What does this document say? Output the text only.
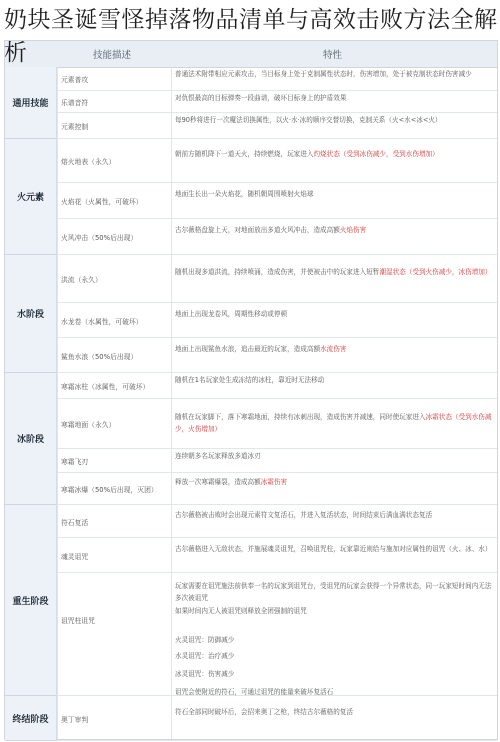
奶块圣诞雪怪掉落物品清单与高效击败方法全解析	技能描述	特性
通用技能
火元素
水阶段
冰阶段
重生阶段
终结阶段
元素普攻
普通法术附带相应元素攻击，当目标身上处于克制属性状态时，伤害增加，处于被克制状态时伤害减少
乐谱音符
对仇恨最高的目标弹奏一段曲谱，破坏目标身上的护盾效果
元素控制
每90秒将进行一次魔法切换属性，以火·水·冰的顺序交替切换，克制关系（火<水<冰<火）
熔火地表（永久）
朝前方随机降下一道天火，持续燃烧，玩家进入灼烧状态（受到冰伤减少，受到水伤增加）
火焰花（火属性，可破坏）
地面生长出一朵火焰花，随机朝周围喷射火焰球
火风冲击（50%后出现）
古尔薇格盘旋上天，对地面放出多道火风冲击，造成高额火焰伤害
洪流（永久）
随机出现多道洪流，持续喷涌，造成伤害，并使被击中的玩家进入短暂潮湿状态（受到火伤减少，冰伤增加）
水龙卷（水属性，可破坏）
地面上出现龙卷风，周期性移动或停顿
鲨鱼水浪（50%后出现）
地面上出现鲨鱼水浪，追击最近的玩家，造成高额水流伤害
寒霜冰柱（冰属性，可破坏）
随机在1名玩家处生成冻结的冰柱，靠近时无法移动
寒霜地面（永久）
随机在玩家脚下，落下寒霜地面，持续有冰刺出现，造成伤害并减速，同时使玩家进入冰霜状态（受到水伤减少，火伤增加）
寒霜飞刃
连续朝多名玩家释放多道冰刃
寒霜冰爆（50%后出现，灭团）
释放一次寒霜爆裂，造成高额冰霜伤害
符石复活
古尔薇格被击败时会出现元素符文复活石，并进入复活状态，时间结束后满血满状态复活
魂灵诅咒
古尔薇格进入无敌状态，并施展魂灵诅咒，召唤诅咒柱，玩家靠近则给与施加对应属性的诅咒（火、冰、水）
诅咒柱诅咒
玩家需要在诅咒施法前供奉一名的玩家到诅咒台，受诅咒的玩家会获得一个异常状态，同一玩家短时间内无法多次被诅咒
如果时间内无人被诅咒则释放全团强制的诅咒
火灵诅咒：防御减少
水灵诅咒：治疗减少
冰灵诅咒：伤害减少
诅咒会使附近的符石，可通过诅咒的能量来破坏复活石
奥丁审判
符石全部同时破坏后，会招来奥丁之枪，终结古尔薇格的复活
